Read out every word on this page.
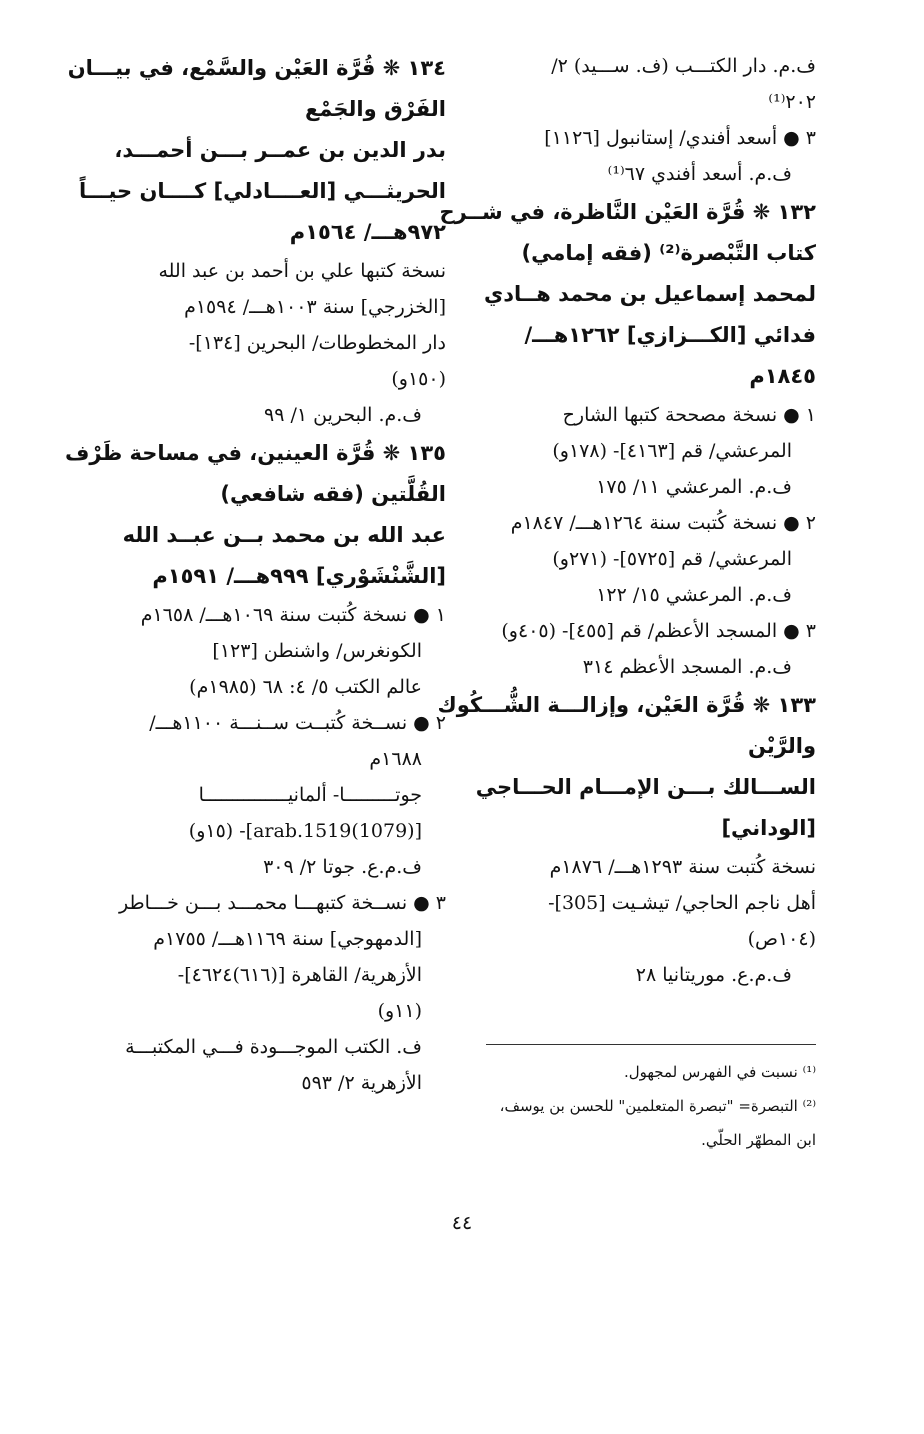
ف.م. دار الكتـــب (ف. ســـيد) ٢/
٢٠٢⁽¹⁾
٣ ● أسعد أفندي/ إستانبول [١١٢٦]
ف.م. أسعد أفندي ٦٧⁽¹⁾
١٣٢ ❋ قُرَّة العَيْن النَّاظرة، في شــرح
كتاب التَّبْصرة⁽²⁾ (فقه إمامي)
لمحمد إسماعيل بن محمد هــادي
فدائي [الكـــزازي] ١٢٦٢هـــ/
١٨٤٥م
١ ● نسخة مصححة كتبها الشارح
المرعشي/ قم [٤١٦٣]- (١٧٨و)
ف.م. المرعشي ١١/ ١٧٥
٢ ● نسخة كُتبت سنة ١٢٦٤هـــ/ ١٨٤٧م
المرعشي/ قم [٥٧٢٥]- (٢٧١و)
ف.م. المرعشي ١٥/ ١٢٢
٣ ● المسجد الأعظم/ قم [٤٥٥]- (٤٠٥و)
ف.م. المسجد الأعظم ٣١٤
١٣٣ ❋ قُرَّة العَيْن، وإزالـــة الشُّـــكُوك
والرَّيْن
الســـالك بـــن الإمـــام الحـــاجي
[الوداني]
نسخة كُتبت سنة ١٢٩٣هـــ/ ١٨٧٦م
أهل ناجم الحاجي/ تيشـيت [305]-
(١٠٤ص)
ف.م.ع. موريتانيا ٢٨
١٣٤ ❋ قُرَّة العَيْن والسَّمْع، في بيـــان
الفَرْق والجَمْع
بدر الدين بن عمــر بـــن أحمـــد،
الحريثـــي [العــــادلي] كــــان حيـــاً
٩٧٢هـــ/ ١٥٦٤م
نسخة كتبها علي بن أحمد بن عبد الله
[الخزرجي] سنة ١٠٠٣هـــ/ ١٥٩٤م
دار المخطوطات/ البحرين [١٣٤]-
(١٥٠و)
ف.م. البحرين ١/ ٩٩
١٣٥ ❋ قُرَّة العينين، في مساحة ظَرْف
القُلَّتين (فقه شافعي)
عبد الله بن محمد بــن عبــد الله
[الشَّنْشَوْري] ٩٩٩هـــ/ ١٥٩١م
١ ● نسخة كُتبت سنة ١٠٦٩هـــ/ ١٦٥٨م
الكونغرس/ واشنطن [١٢٣]
عالم الكتب ٥/ ٤: ٦٨ (١٩٨٥م)
٢ ● نســخة كُتبــت ســنـــة ١١٠٠هـــ/
١٦٨٨م
جوتـــــــــا- ألمانيـــــــــــــــا
[(1079)arab.1519]- (١٥و)
ف.م.ع. جوتا ٢/ ٣٠٩
٣ ● نســخة كتبهـــا محمـــد بـــن خـــاطر
[الدمهوجي] سنة ١١٦٩هـــ/ ١٧٥٥م
الأزهرية/ القاهرة [(٦١٦)٤٦٢٤]-
(١١و)
ف. الكتب الموجـــودة فـــي المكتبـــة
الأزهرية ٢/ ٥٩٣	⁽¹⁾ نسبت في الفهرس لمجهول.
⁽²⁾ التبصرة= "تبصرة المتعلمين" للحسن بن يوسف،
ابن المطهّر الحلّي.
٤٤
